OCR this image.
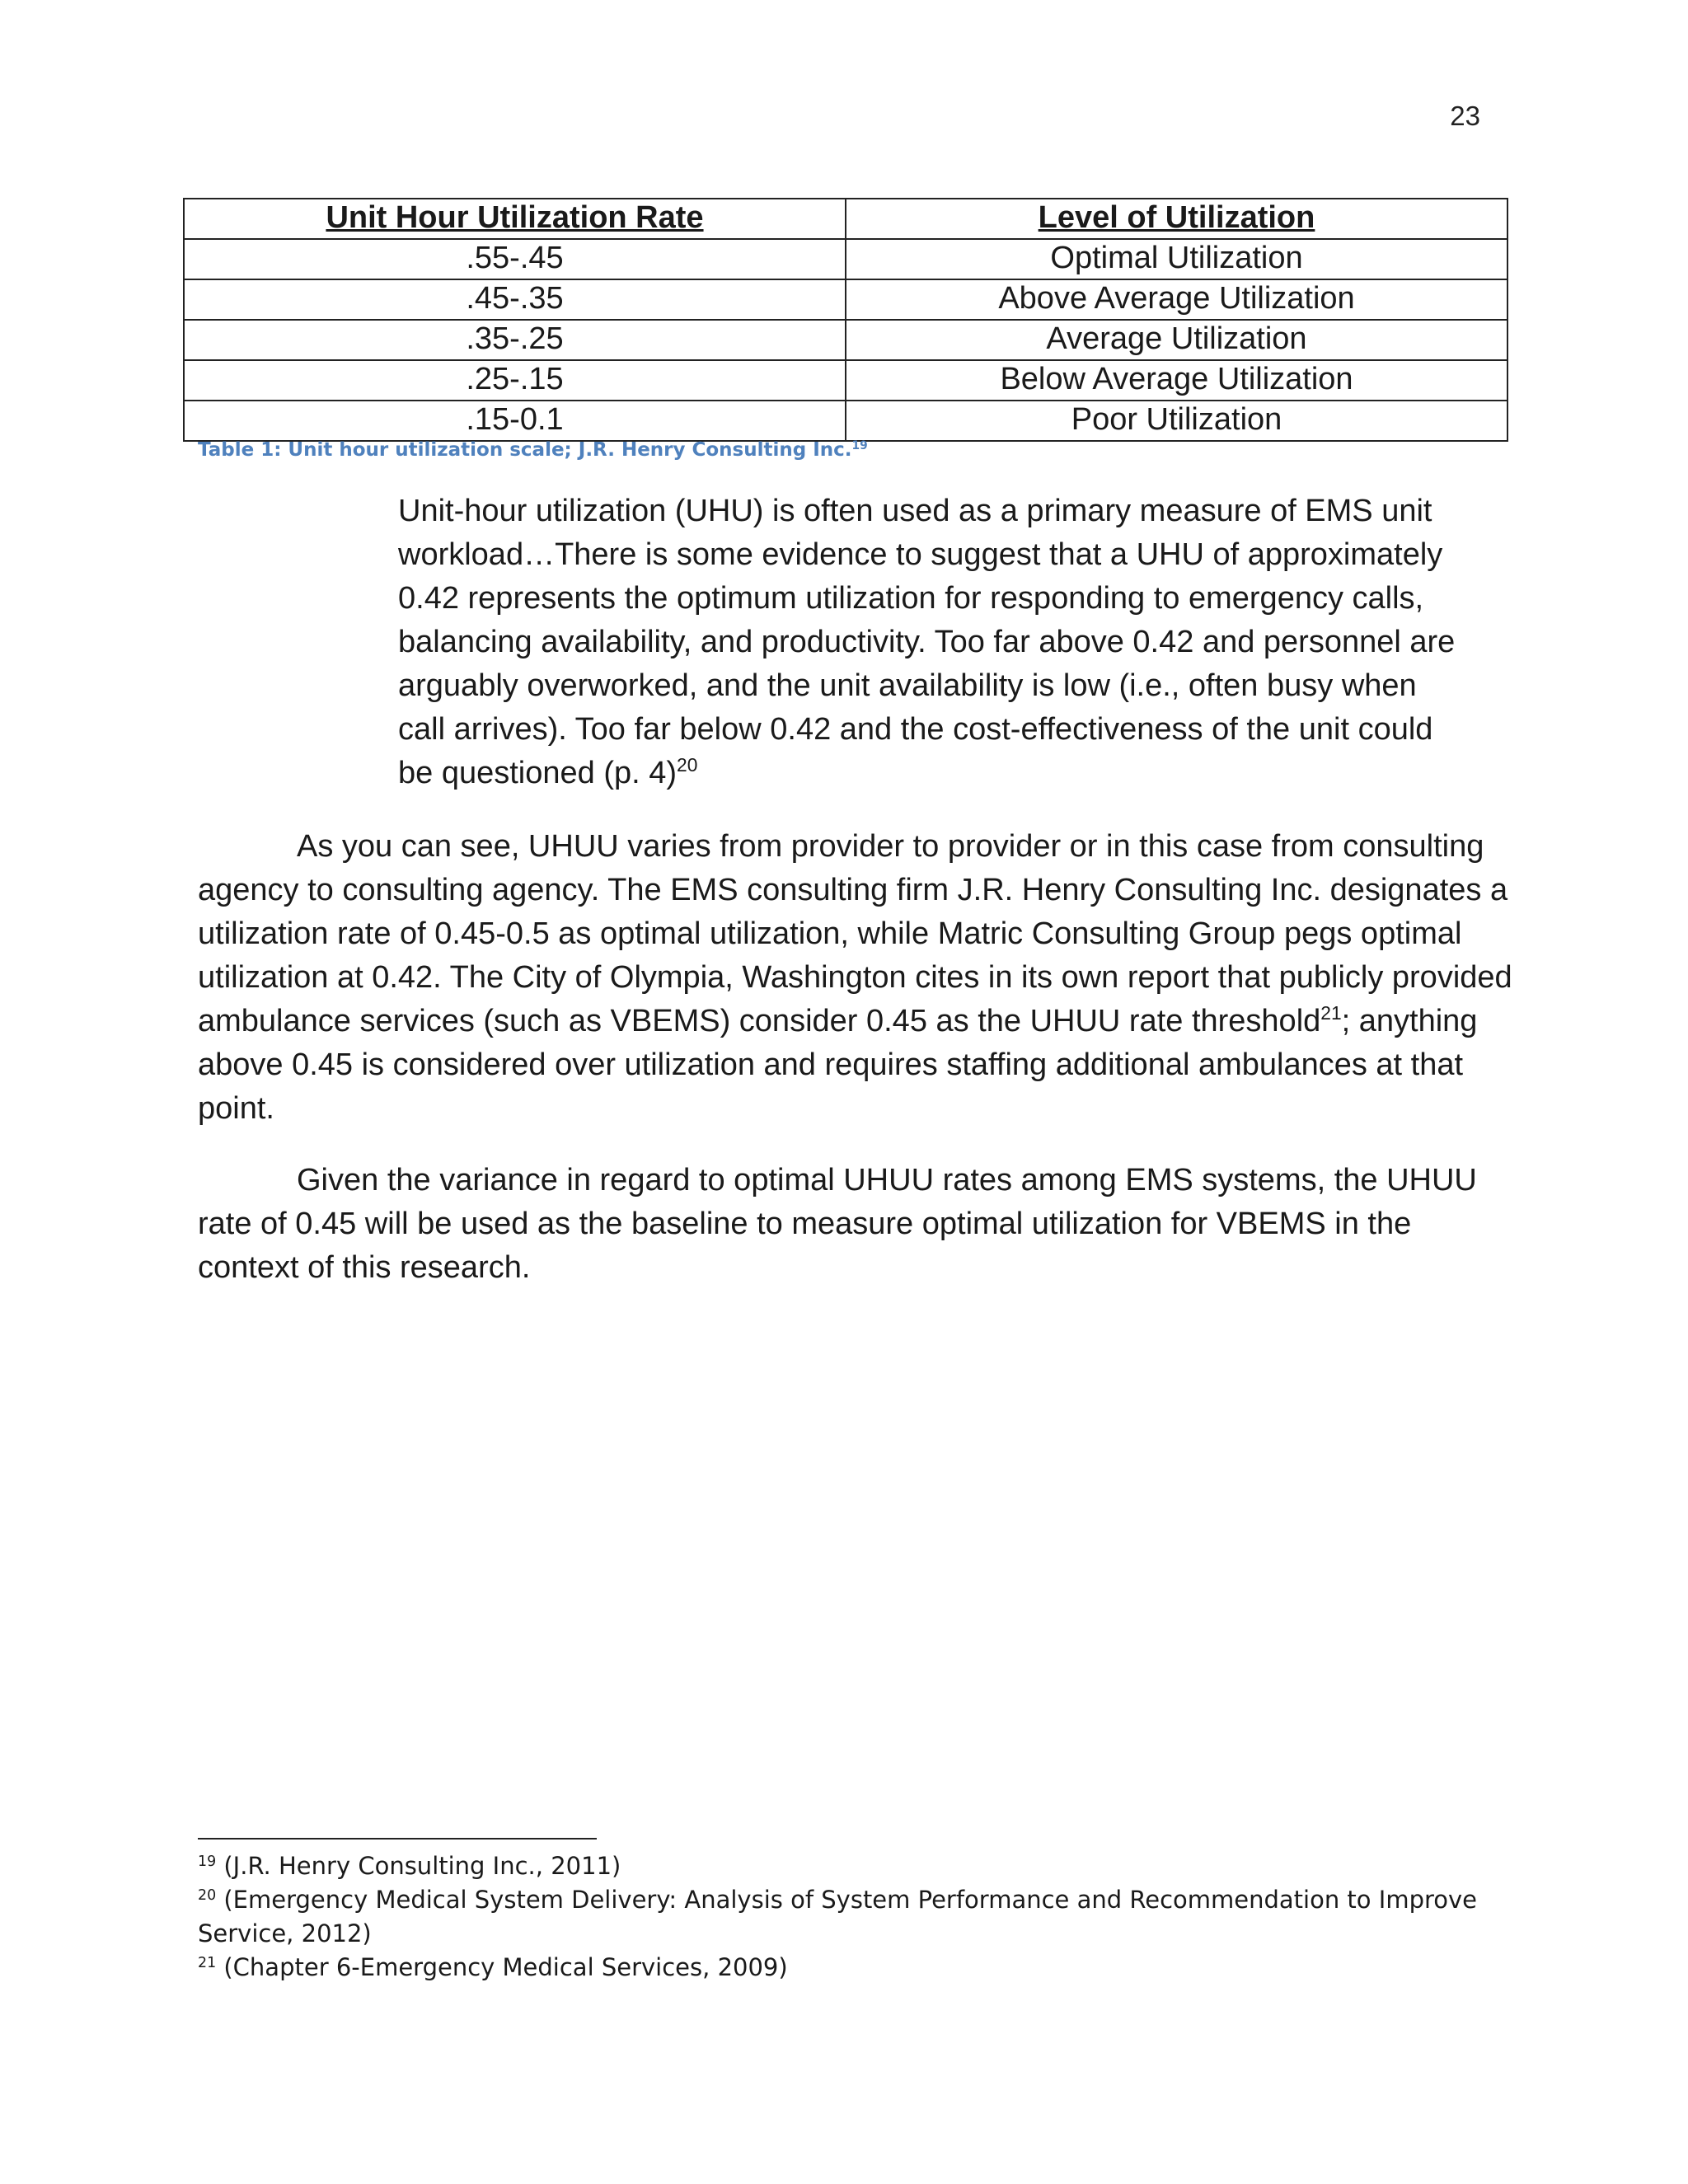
23
Unit Hour Utilization Rate	Level of Utilization
.55-.45	Optimal Utilization
.45-.35	Above Average Utilization
.35-.25	Average Utilization
.25-.15	Below Average Utilization
.15-0.1	Poor Utilization
Table 1: Unit hour utilization scale; J.R. Henry Consulting Inc.$^{19}$

Unit-hour utilization (UHU) is often used as a primary measure of EMS unit workload…There is some evidence to suggest that a UHU of approximately 0.42 represents the optimum utilization for responding to emergency calls, balancing availability, and productivity. Too far above 0.42 and personnel are arguably overworked, and the unit availability is low (i.e., often busy when call arrives). Too far below 0.42 and the cost-effectiveness of the unit could be questioned (p. 4)$^{20}$

As you can see, UHUU varies from provider to provider or in this case from consulting agency to consulting agency. The EMS consulting firm J.R. Henry Consulting Inc. designates a utilization rate of 0.45-0.5 as optimal utilization, while Matric Consulting Group pegs optimal utilization at 0.42. The City of Olympia, Washington cites in its own report that publicly provided ambulance services (such as VBEMS) consider 0.45 as the UHUU rate threshold$^{21}$; anything above 0.45 is considered over utilization and requires staffing additional ambulances at that point.

Given the variance in regard to optimal UHUU rates among EMS systems, the UHUU rate of 0.45 will be used as the baseline to measure optimal utilization for VBEMS in the context of this research.

$^{19}$ (J.R. Henry Consulting Inc., 2011)

$^{20}$ (Emergency Medical System Delivery: Analysis of System Performance and Recommendation to Improve Service, 2012)

$^{21}$ (Chapter 6-Emergency Medical Services, 2009)
